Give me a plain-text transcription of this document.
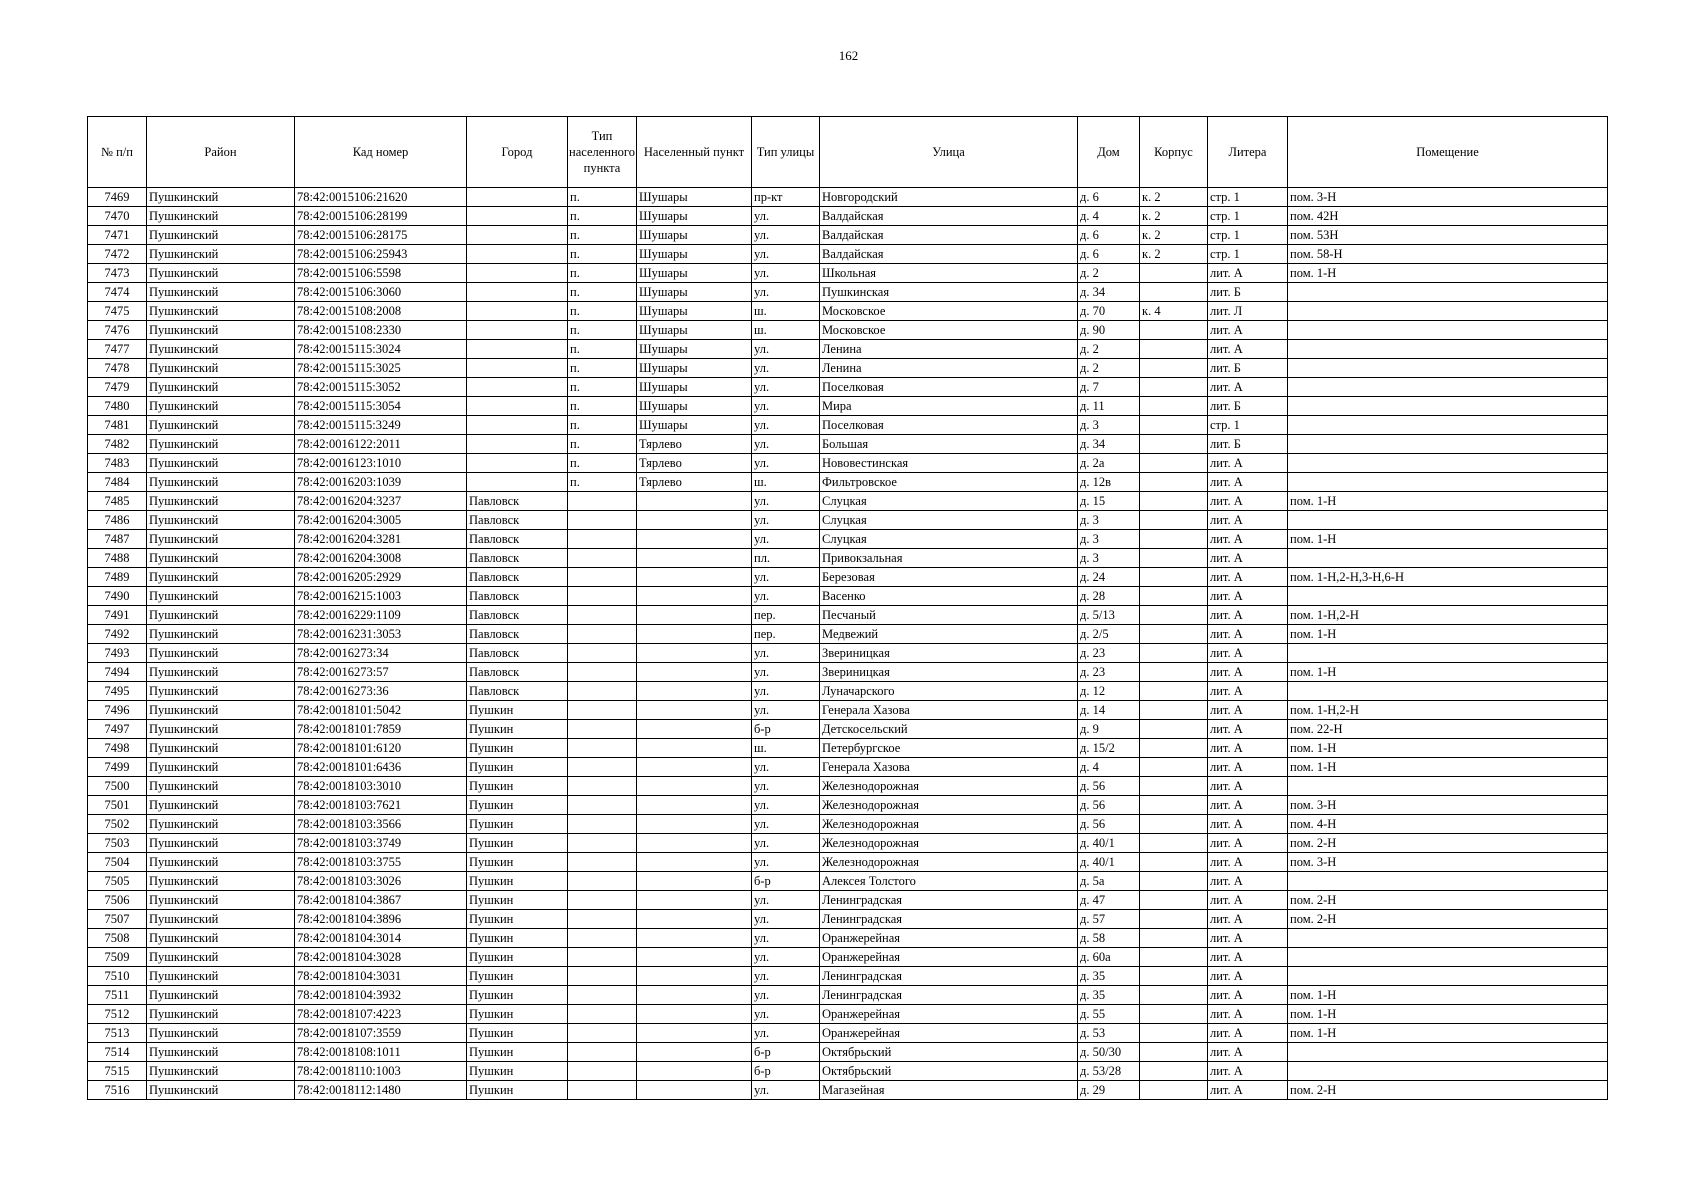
162
№ п/п	Район	Кад номер	Город	Тип населенного пункта	Населенный пункт	Тип улицы	Улица	Дом	Корпус	Литера	Помещение
7469	Пушкинский	78:42:0015106:21620		п.	Шушары	пр-кт	Новгородский	д. 6	к. 2	стр. 1	пом. 3-Н
7470	Пушкинский	78:42:0015106:28199		п.	Шушары	ул.	Валдайская	д. 4	к. 2	стр. 1	пом. 42Н
7471	Пушкинский	78:42:0015106:28175		п.	Шушары	ул.	Валдайская	д. 6	к. 2	стр. 1	пом. 53Н
7472	Пушкинский	78:42:0015106:25943		п.	Шушары	ул.	Валдайская	д. 6	к. 2	стр. 1	пом. 58-Н
7473	Пушкинский	78:42:0015106:5598		п.	Шушары	ул.	Школьная	д. 2		лит. А	пом. 1-Н
7474	Пушкинский	78:42:0015106:3060		п.	Шушары	ул.	Пушкинская	д. 34		лит. Б	
7475	Пушкинский	78:42:0015108:2008		п.	Шушары	ш.	Московское	д. 70	к. 4	лит. Л	
7476	Пушкинский	78:42:0015108:2330		п.	Шушары	ш.	Московское	д. 90		лит. А	
7477	Пушкинский	78:42:0015115:3024		п.	Шушары	ул.	Ленина	д. 2		лит. А	
7478	Пушкинский	78:42:0015115:3025		п.	Шушары	ул.	Ленина	д. 2		лит. Б	
7479	Пушкинский	78:42:0015115:3052		п.	Шушары	ул.	Поселковая	д. 7		лит. А	
7480	Пушкинский	78:42:0015115:3054		п.	Шушары	ул.	Мира	д. 11		лит. Б	
7481	Пушкинский	78:42:0015115:3249		п.	Шушары	ул.	Поселковая	д. 3		стр. 1	
7482	Пушкинский	78:42:0016122:2011		п.	Тярлево	ул.	Большая	д. 34		лит. Б	
7483	Пушкинский	78:42:0016123:1010		п.	Тярлево	ул.	Нововестинская	д. 2а		лит. А	
7484	Пушкинский	78:42:0016203:1039		п.	Тярлево	ш.	Фильтровское	д. 12в		лит. А	
7485	Пушкинский	78:42:0016204:3237	Павловск			ул.	Слуцкая	д. 15		лит. А	пом. 1-Н
7486	Пушкинский	78:42:0016204:3005	Павловск			ул.	Слуцкая	д. 3		лит. А	
7487	Пушкинский	78:42:0016204:3281	Павловск			ул.	Слуцкая	д. 3		лит. А	пом. 1-Н
7488	Пушкинский	78:42:0016204:3008	Павловск			пл.	Привокзальная	д. 3		лит. А	
7489	Пушкинский	78:42:0016205:2929	Павловск			ул.	Березовая	д. 24		лит. А	пом. 1-Н,2-Н,3-Н,6-Н
7490	Пушкинский	78:42:0016215:1003	Павловск			ул.	Васенко	д. 28		лит. А	
7491	Пушкинский	78:42:0016229:1109	Павловск			пер.	Песчаный	д. 5/13		лит. А	пом. 1-Н,2-Н
7492	Пушкинский	78:42:0016231:3053	Павловск			пер.	Медвежий	д. 2/5		лит. А	пом. 1-Н
7493	Пушкинский	78:42:0016273:34	Павловск			ул.	Звериницкая	д. 23		лит. А	
7494	Пушкинский	78:42:0016273:57	Павловск			ул.	Звериницкая	д. 23		лит. А	пом. 1-Н
7495	Пушкинский	78:42:0016273:36	Павловск			ул.	Луначарского	д. 12		лит. А	
7496	Пушкинский	78:42:0018101:5042	Пушкин			ул.	Генерала Хазова	д. 14		лит. А	пом. 1-Н,2-Н
7497	Пушкинский	78:42:0018101:7859	Пушкин			б-р	Детскосельский	д. 9		лит. А	пом. 22-Н
7498	Пушкинский	78:42:0018101:6120	Пушкин			ш.	Петербургское	д. 15/2		лит. А	пом. 1-Н
7499	Пушкинский	78:42:0018101:6436	Пушкин			ул.	Генерала Хазова	д. 4		лит. А	пом. 1-Н
7500	Пушкинский	78:42:0018103:3010	Пушкин			ул.	Железнодорожная	д. 56		лит. А	
7501	Пушкинский	78:42:0018103:7621	Пушкин			ул.	Железнодорожная	д. 56		лит. А	пом. 3-Н
7502	Пушкинский	78:42:0018103:3566	Пушкин			ул.	Железнодорожная	д. 56		лит. А	пом. 4-Н
7503	Пушкинский	78:42:0018103:3749	Пушкин			ул.	Железнодорожная	д. 40/1		лит. А	пом. 2-Н
7504	Пушкинский	78:42:0018103:3755	Пушкин			ул.	Железнодорожная	д. 40/1		лит. А	пом. 3-Н
7505	Пушкинский	78:42:0018103:3026	Пушкин			б-р	Алексея Толстого	д. 5а		лит. А	
7506	Пушкинский	78:42:0018104:3867	Пушкин			ул.	Ленинградская	д. 47		лит. А	пом. 2-Н
7507	Пушкинский	78:42:0018104:3896	Пушкин			ул.	Ленинградская	д. 57		лит. А	пом. 2-Н
7508	Пушкинский	78:42:0018104:3014	Пушкин			ул.	Оранжерейная	д. 58		лит. А	
7509	Пушкинский	78:42:0018104:3028	Пушкин			ул.	Оранжерейная	д. 60а		лит. А	
7510	Пушкинский	78:42:0018104:3031	Пушкин			ул.	Ленинградская	д. 35		лит. А	
7511	Пушкинский	78:42:0018104:3932	Пушкин			ул.	Ленинградская	д. 35		лит. А	пом. 1-Н
7512	Пушкинский	78:42:0018107:4223	Пушкин			ул.	Оранжерейная	д. 55		лит. А	пом. 1-Н
7513	Пушкинский	78:42:0018107:3559	Пушкин			ул.	Оранжерейная	д. 53		лит. А	пом. 1-Н
7514	Пушкинский	78:42:0018108:1011	Пушкин			б-р	Октябрьский	д. 50/30		лит. А	
7515	Пушкинский	78:42:0018110:1003	Пушкин			б-р	Октябрьский	д. 53/28		лит. А	
7516	Пушкинский	78:42:0018112:1480	Пушкин			ул.	Магазейная	д. 29		лит. А	пом. 2-Н
